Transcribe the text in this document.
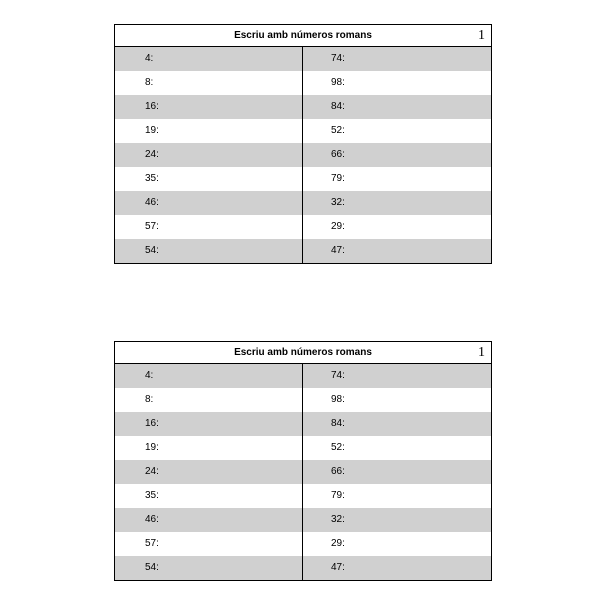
Escriu amb números romans	1
4:	74:
8:	98:
16:	84:
19:	52:
24:	66:
35:	79:
46:	32:
57:	29:
54:	47:
Escriu amb números romans	1
4:	74:
8:	98:
16:	84:
19:	52:
24:	66:
35:	79:
46:	32:
57:	29:
54:	47:
